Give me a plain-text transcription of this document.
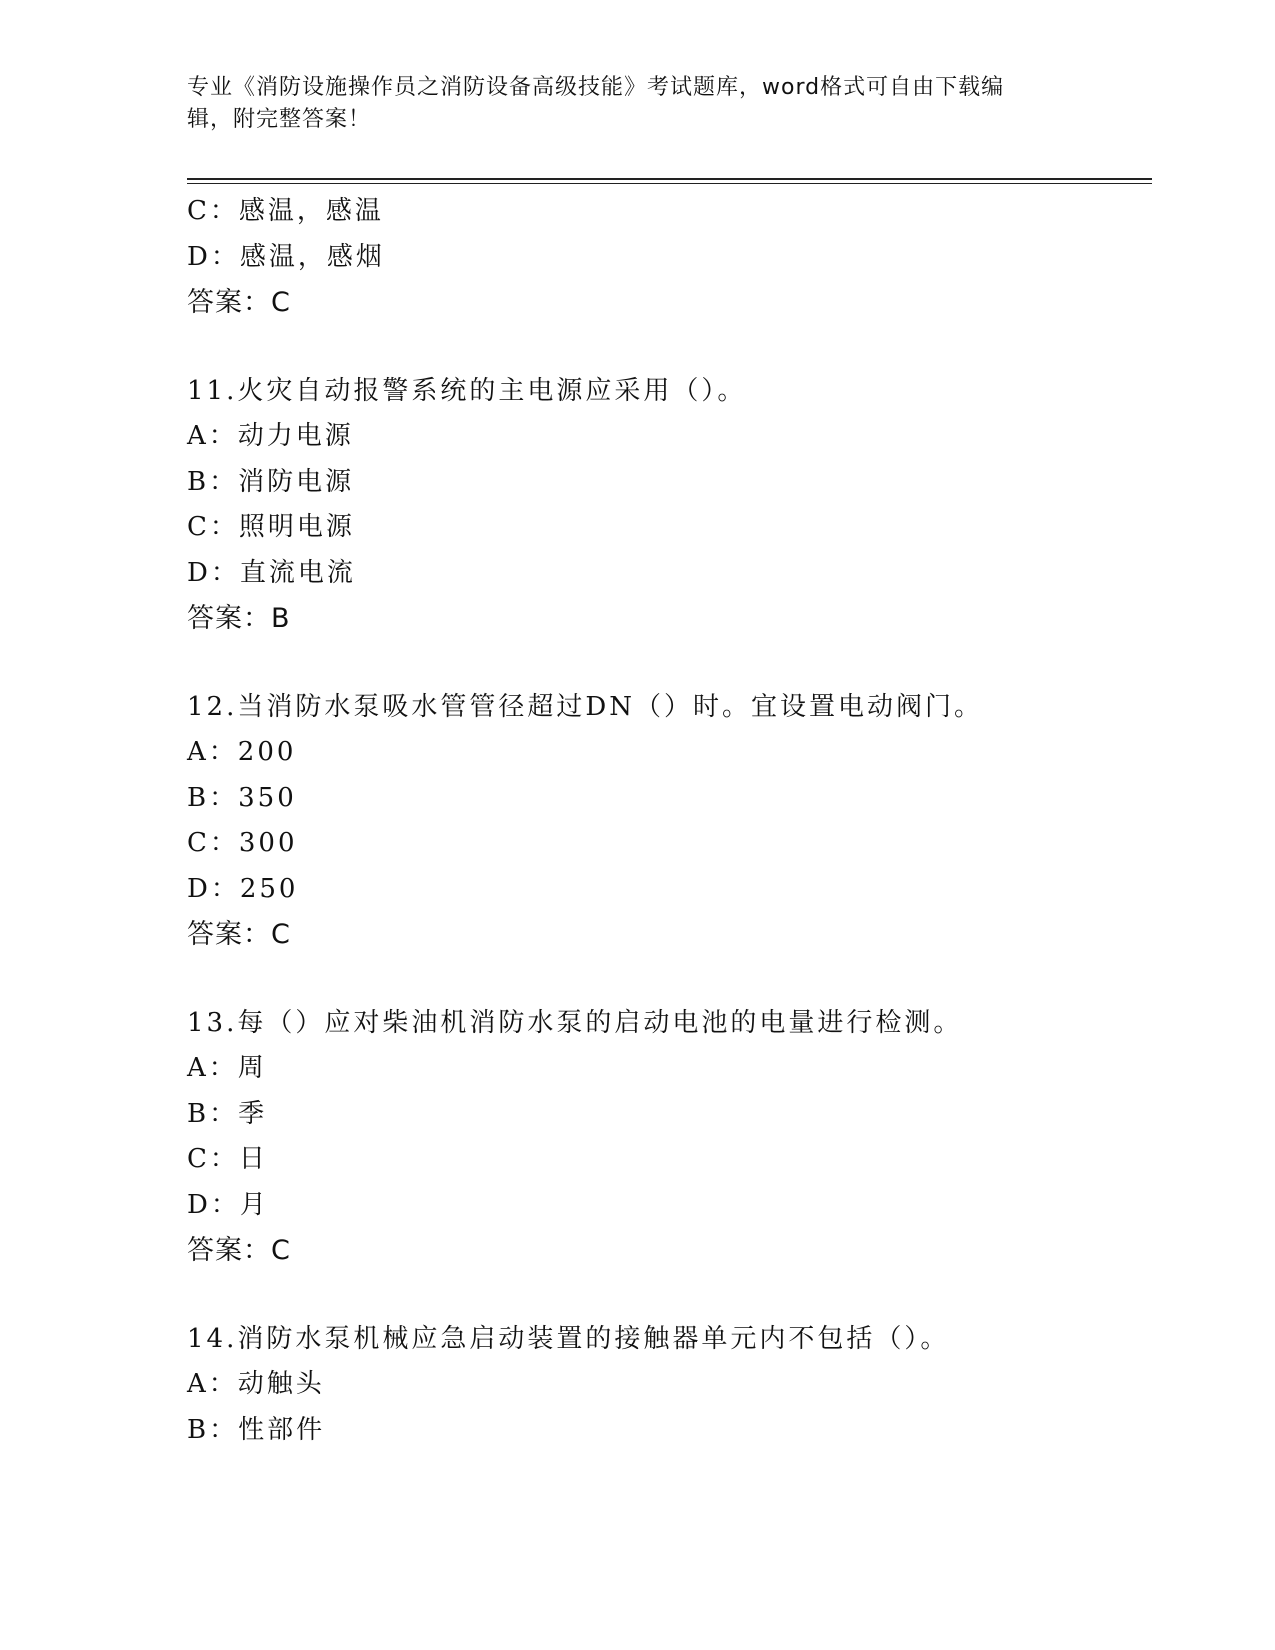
专业《消防设施操作员之消防设备高级技能》考试题库，word格式可自由下载编
辑，附完整答案！
C：感温，感温
D：感温，感烟
答案：C
11.火灾自动报警系统的主电源应采用（）。
A：动力电源
B：消防电源
C：照明电源
D：直流电流
答案：B
12.当消防水泵吸水管管径超过DN（）时。宜设置电动阀门。
A：200
B：350
C：300
D：250
答案：C
13.每（）应对柴油机消防水泵的启动电池的电量进行检测。
A：周
B：季
C：日
D：月
答案：C
14.消防水泵机械应急启动装置的接触器单元内不包括（）。
A：动触头
B：性部件
